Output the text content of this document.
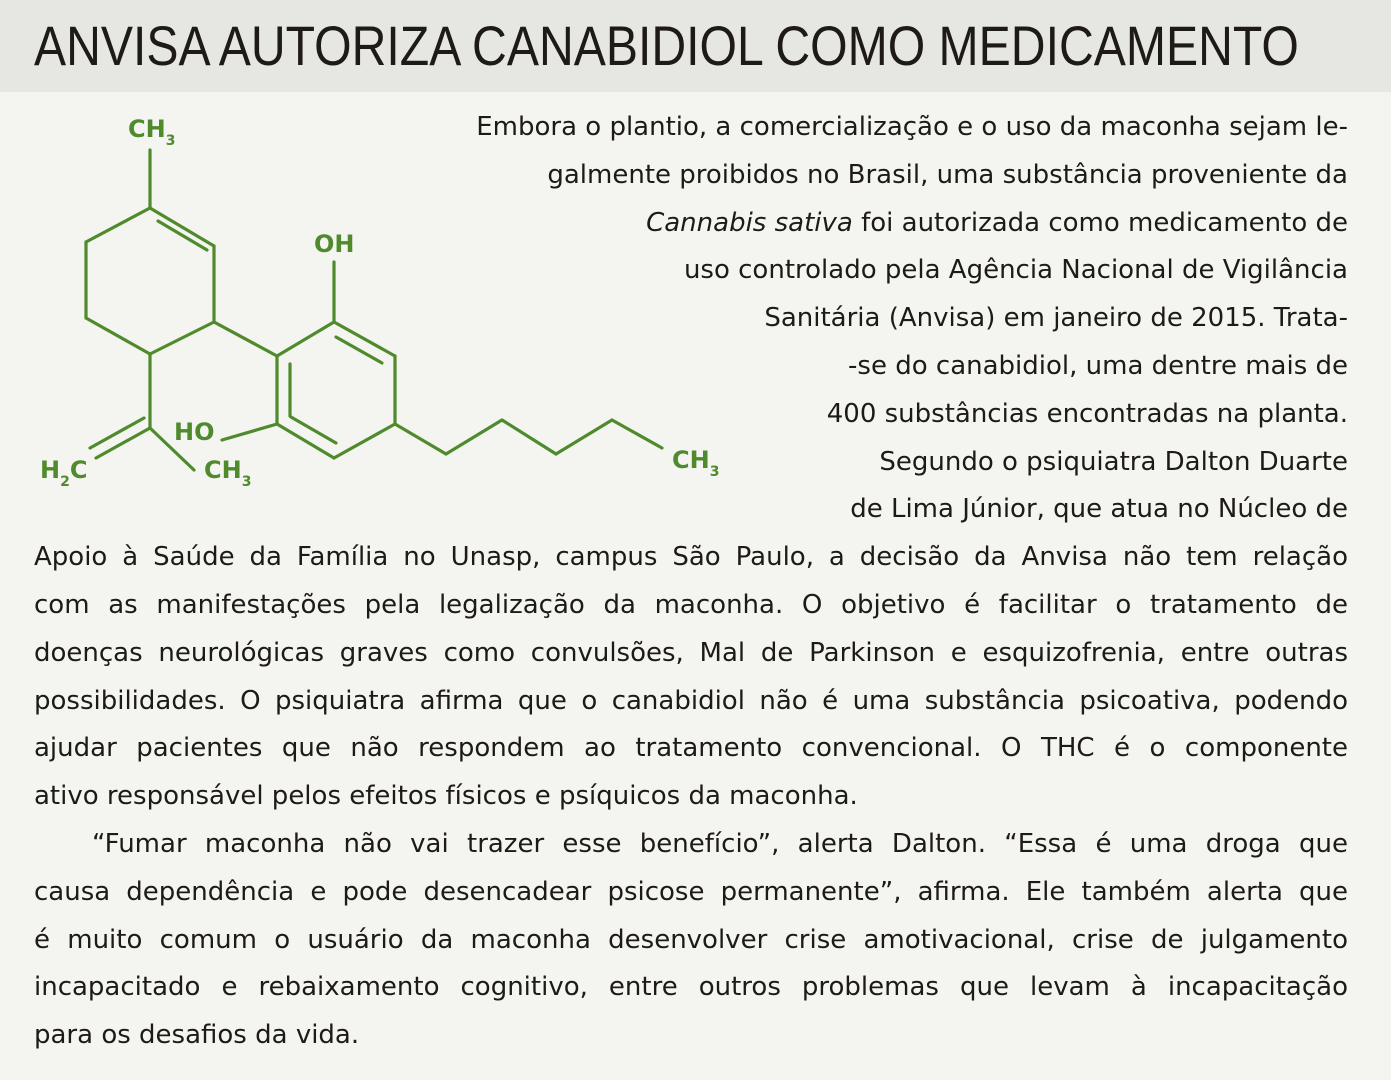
ANVISA AUTORIZA CANABIDIOL COMO MEDICAMENTO
$CH_3$
OH
HO
$H_2C$	$CH_3$
$CH_3$
Embora o plantio, a comercialização e o uso da maconha sejam le-
galmente proibidos no Brasil, uma substância proveniente da
Cannabis sativa foi autorizada como medicamento de
uso controlado pela Agência Nacional de Vigilância
Sanitária (Anvisa) em janeiro de 2015. Trata-
-se do canabidiol, uma dentre mais de
400 substâncias encontradas na planta.
Segundo o psiquiatra Dalton Duarte
de Lima Júnior, que atua no Núcleo de
Apoio à Saúde da Família no Unasp, campus São Paulo, a decisão da Anvisa não tem relação
com as manifestações pela legalização da maconha. O objetivo é facilitar o tratamento de
doenças neurológicas graves como convulsões, Mal de Parkinson e esquizofrenia, entre outras
possibilidades. O psiquiatra afirma que o canabidiol não é uma substância psicoativa, podendo
ajudar pacientes que não respondem ao tratamento convencional. O THC é o componente
ativo responsável pelos efeitos físicos e psíquicos da maconha.
“Fumar maconha não vai trazer esse benefício”, alerta Dalton. “Essa é uma droga que
causa dependência e pode desencadear psicose permanente”, afirma. Ele também alerta que
é muito comum o usuário da maconha desenvolver crise amotivacional, crise de julgamento
incapacitado e rebaixamento cognitivo, entre outros problemas que levam à incapacitação
para os desafios da vida.
